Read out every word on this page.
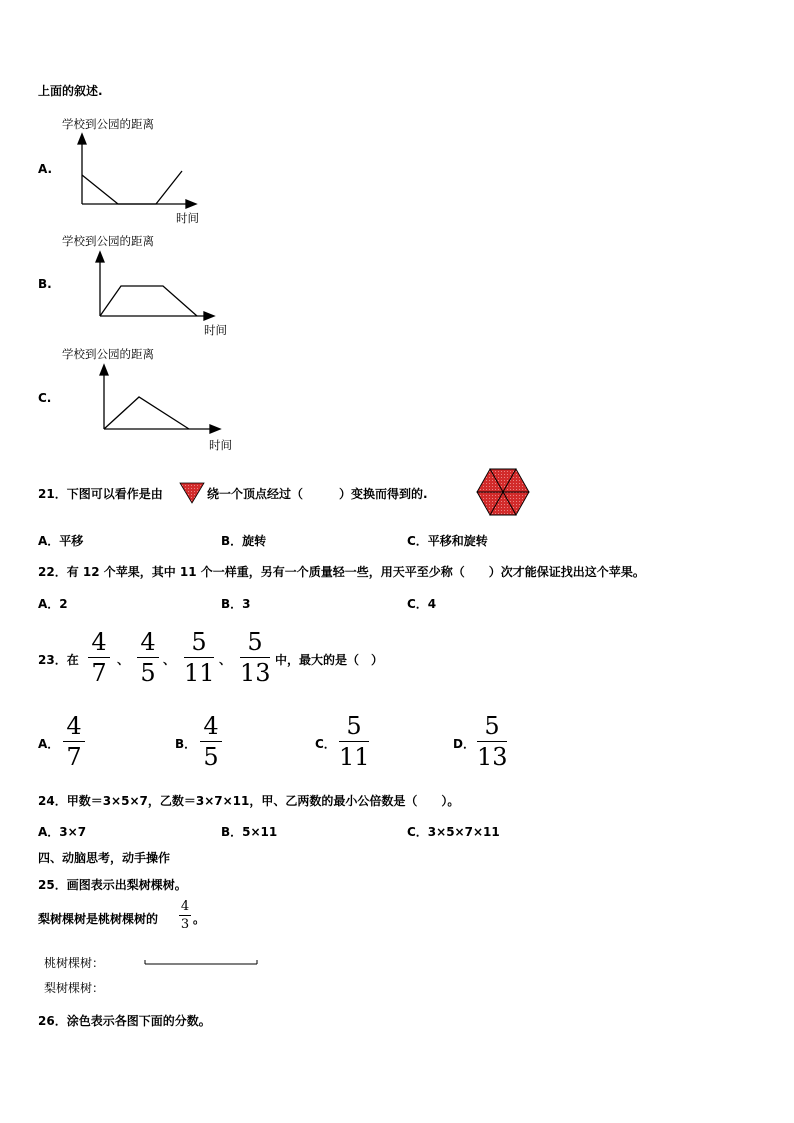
上面的叙述.
学校到公园的距离
A.
时间
学校到公园的距离
B.
时间
学校到公园的距离
C.
时间
21．下图可以看作是由	绕一个顶点经过（　　　）变换而得到的.
A．平移	B．旋转	C．平移和旋转
22．有 12 个苹果，其中 11 个一样重，另有一个质量轻一些，用天平至少称（　　）次才能保证找出这个苹果。
A．2	B．3	C．4
23．在
4
7 、
4
5 、
5
11 、
5
13 中，最大的是（　）
A．
4
7	B．
4
5	C．
5
11	D．
5
13
24．甲数＝3×5×7，乙数＝3×7×11，甲、乙两数的最小公倍数是（　　）。
A．3×7	B．5×11	C．3×5×7×11
四、动脑思考，动手操作
25．画图表示出梨树棵树。
梨树棵树是桃树棵树的
4
3 。
桃树棵树：
梨树棵树：
26．涂色表示各图下面的分数。
